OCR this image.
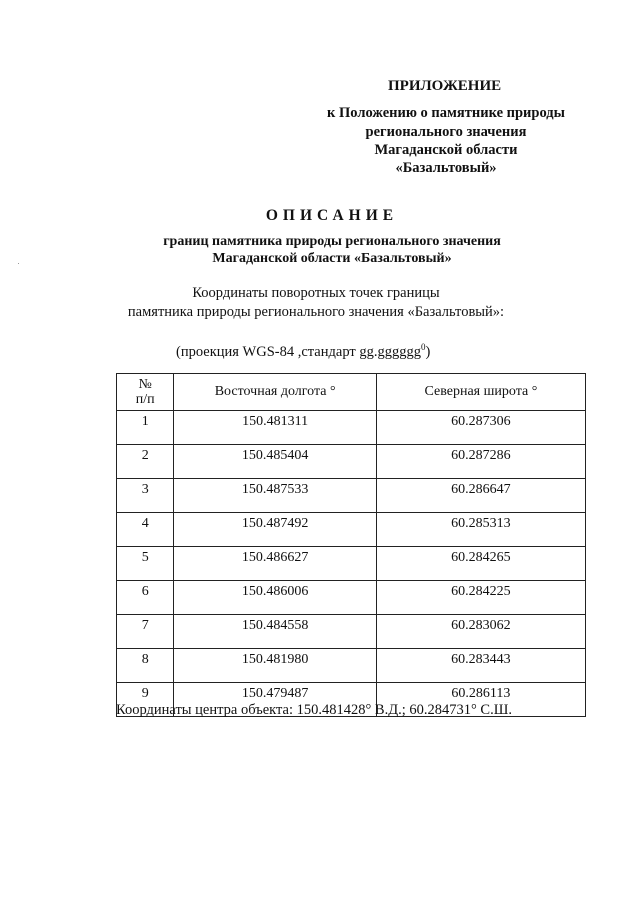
ПРИЛОЖЕНИЕ
к Положению о памятнике природы
регионального значения
Магаданской области
«Базальтовый»
ОПИСАНИЕ
границ памятника природы регионального значения
Магаданской области «Базальтовый»
Координаты поворотных точек границы
памятника природы регионального значения «Базальтовый»:
(проекция WGS-84 ,стандарт gg.gggggg$^0$)
№
п/п	Восточная долгота °	Северная широта °
1	150.481311	60.287306
2	150.485404	60.287286
3	150.487533	60.286647
4	150.487492	60.285313
5	150.486627	60.284265
6	150.486006	60.284225
7	150.484558	60.283062
8	150.481980	60.283443
9	150.479487	60.286113
Координаты центра объекта: 150.481428° В.Д.; 60.284731° С.Ш.
